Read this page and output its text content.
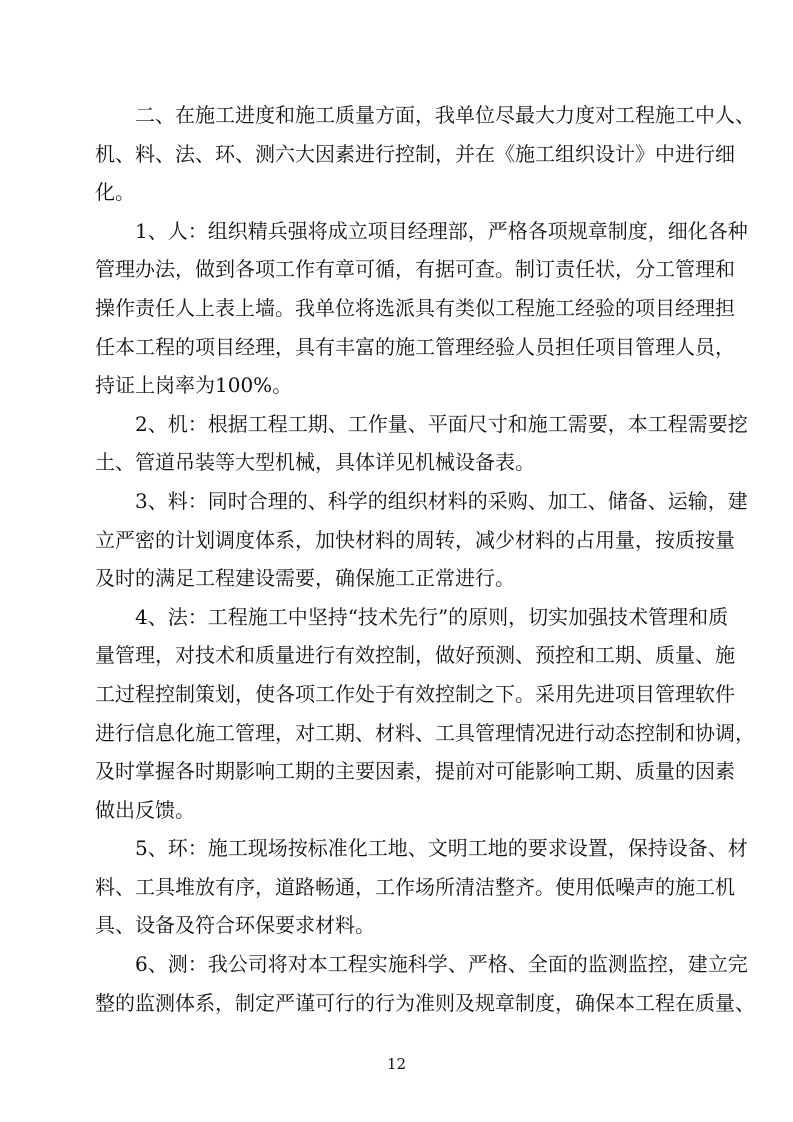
二、在施工进度和施工质量方面，我单位尽最大力度对工程施工中人、
机、料、法、环、测六大因素进行控制，并在《施工组织设计》中进行细
化。
1、人：组织精兵强将成立项目经理部，严格各项规章制度，细化各种
管理办法，做到各项工作有章可循，有据可查。制订责任状，分工管理和
操作责任人上表上墙。我单位将选派具有类似工程施工经验的项目经理担
任本工程的项目经理，具有丰富的施工管理经验人员担任项目管理人员，
持证上岗率为100%。
2、机：根据工程工期、工作量、平面尺寸和施工需要，本工程需要挖
土、管道吊装等大型机械，具体详见机械设备表。
3、料：同时合理的、科学的组织材料的采购、加工、储备、运输，建
立严密的计划调度体系，加快材料的周转，减少材料的占用量，按质按量
及时的满足工程建设需要，确保施工正常进行。
4、法：工程施工中坚持“技术先行”的原则，切实加强技术管理和质
量管理，对技术和质量进行有效控制，做好预测、预控和工期、质量、施
工过程控制策划，使各项工作处于有效控制之下。采用先进项目管理软件
进行信息化施工管理，对工期、材料、工具管理情况进行动态控制和协调，
及时掌握各时期影响工期的主要因素，提前对可能影响工期、质量的因素
做出反馈。
5、环：施工现场按标准化工地、文明工地的要求设置，保持设备、材
料、工具堆放有序，道路畅通，工作场所清洁整齐。使用低噪声的施工机
具、设备及符合环保要求材料。
6、测：我公司将对本工程实施科学、严格、全面的监测监控，建立完
整的监测体系，制定严谨可行的行为准则及规章制度，确保本工程在质量、
12
